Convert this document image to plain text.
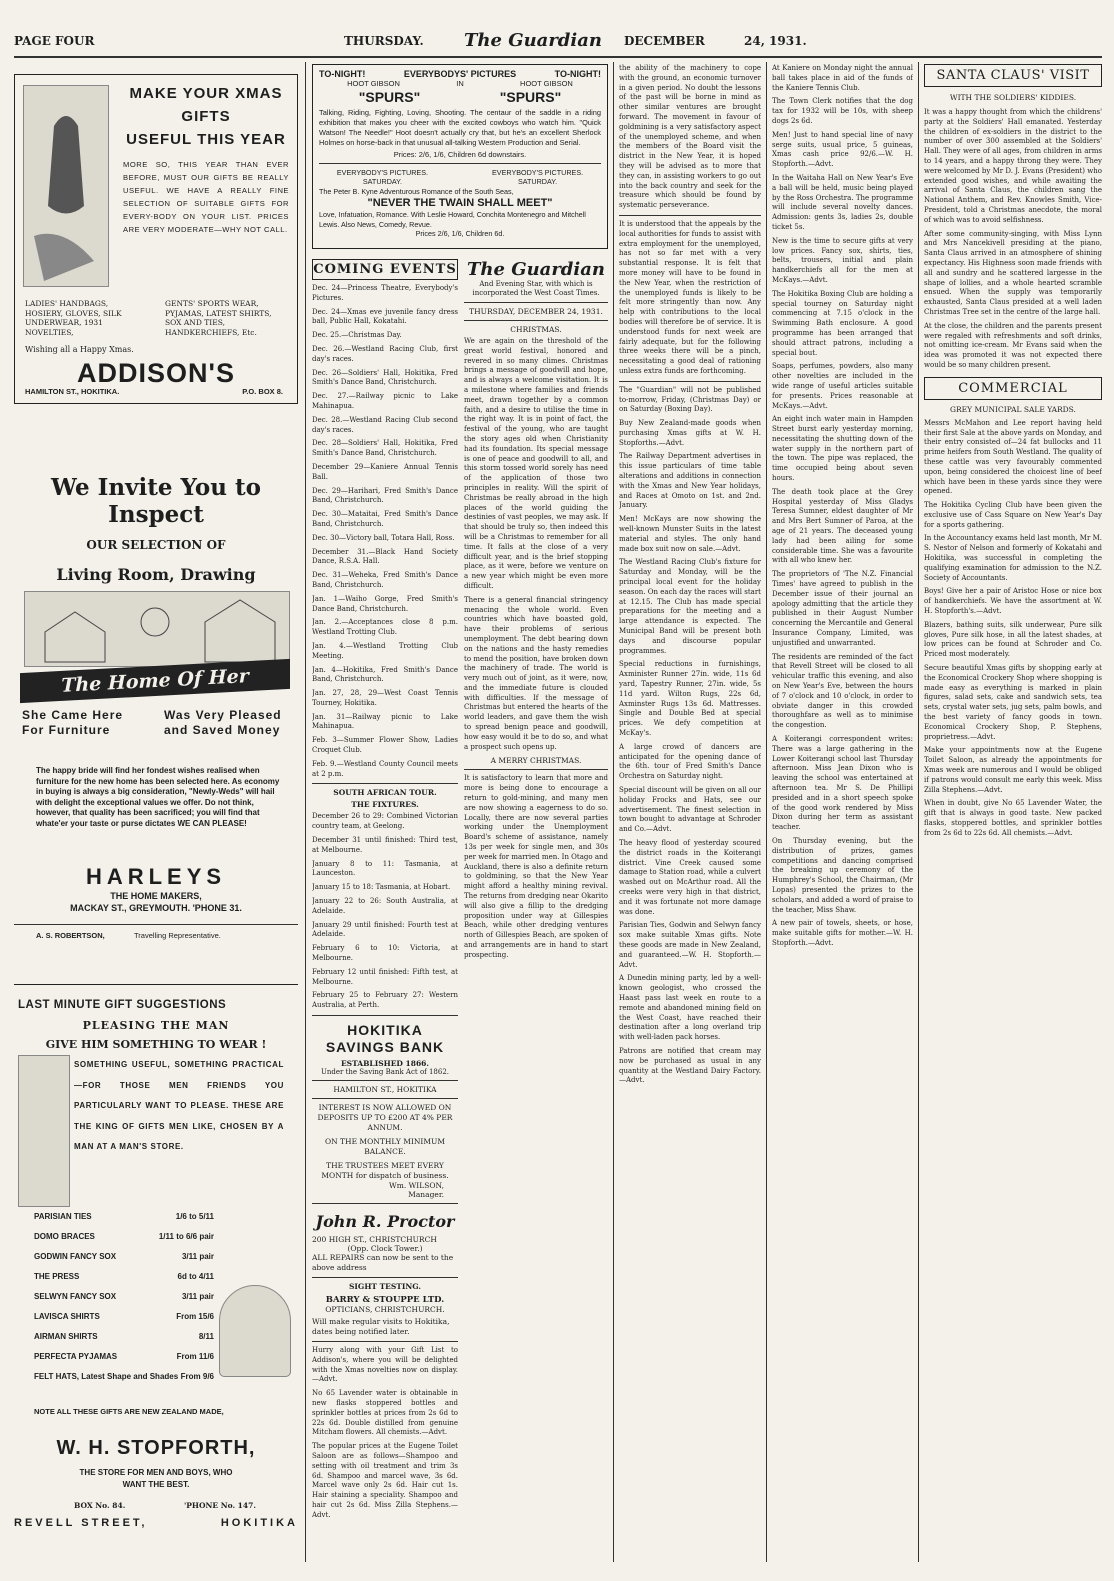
PAGE FOUR	THURSDAY. The Guardian DECEMBER	24, 1931.
MAKE YOUR XMAS
GIFTS
USEFUL THIS YEAR
MORE SO, THIS YEAR THAN EVER BEFORE, MUST OUR GIFTS BE REALLY USEFUL. WE HAVE A REALLY FINE SELECTION OF SUITABLE GIFTS FOR EVERY-BODY ON YOUR LIST. PRICES ARE VERY MODERATE—WHY NOT CALL.
LADIES' HANDBAGS, HOSIERY, GLOVES, SILK UNDERWEAR, 1931 NOVELTIES,
GENTS' SPORTS WEAR, PYJAMAS, LATEST SHIRTS, SOX AND TIES, HANDKERCHIEFS, Etc.
Wishing all a Happy Xmas.
ADDISON'S
HAMILTON ST., HOKITIKA.	P.O. BOX 8.
We Invite You to Inspect
OUR SELECTION OF
Living Room, Drawing
The Home Of Her Dreams
She Came Here For Furniture
Was Very Pleased and Saved Money
The happy bride will find her fondest wishes realised when furniture for the new home has been selected here. As economy in buying is always a big consideration, "Newly-Weds" will hail with delight the exceptional values we offer. Do not think, however, that quality has been sacrificed; you will find that whate'er your taste or purse dictates WE CAN PLEASE!
HARLEYS
THE HOME MAKERS,
MACKAY ST., GREYMOUTH. 'PHONE 31.
A. S. ROBERTSON,	Travelling Representative.
LAST MINUTE GIFT SUGGESTIONS
PLEASING THE MAN
GIVE HIM SOMETHING TO WEAR !
SOMETHING USEFUL, SOMETHING PRACTICAL—FOR THOSE MEN FRIENDS YOU PARTICULARLY WANT TO PLEASE. THESE ARE THE KING OF GIFTS MEN LIKE, CHOSEN BY A MAN AT A MAN'S STORE.
PARISIAN TIES	1/6 to 5/11
DOMO BRACES	1/11 to 6/6 pair
GODWIN FANCY SOX	3/11 pair
THE PRESS	6d to 4/11
SELWYN FANCY SOX	3/11 pair
LAVISCA SHIRTS	From 15/6
AIRMAN SHIRTS	8/11
PERFECTA PYJAMAS	From 11/6
FELT HATS, Latest Shape and Shades From 9/6
NOTE ALL THESE GIFTS ARE NEW ZEALAND MADE,
W. H. STOPFORTH,
THE STORE FOR MEN AND BOYS, WHO WANT THE BEST.
BOX No. 84.	'PHONE No. 147.
REVELL STREET,	HOKITIKA
TO-NIGHT!	EVERYBODYS' PICTURES	TO-NIGHT!
HOOT GIBSON	IN	HOOT GIBSON
"SPURS"	"SPURS"
Talking, Riding, Fighting, Loving, Shooting. The centaur of the saddle in a riding exhibition that makes you cheer with the excited cowboys who watch him. "Quick Watson! The Needle!" Hoot doesn't actually cry that, but he's an excellent Sherlock Holmes on horse-back in that unusual all-talking Western Production and Serial.
Prices: 2/6, 1/6, Children 6d downstairs.
EVERYBODY'S PICTURES. SATURDAY.
EVERYBODY'S PICTURES. SATURDAY.
The Peter B. Kyne Adventurous Romance of the South Seas,
"NEVER THE TWAIN SHALL MEET"
Love, Infatuation, Romance. With Leslie Howard, Conchita Montenegro and Mitchell Lewis. Also News, Comedy, Revue.
Prices 2/6, 1/6, Children 6d.
COMING EVENTS

Dec. 24—Princess Theatre, Everybody's Pictures.

Dec. 24—Xmas eve juvenile fancy dress ball, Public Hall, Kokatahi.

Dec. 25.—Christmas Day.

Dec. 26.—Westland Racing Club, first day's races.

Dec. 26—Soldiers' Hall, Hokitika, Fred Smith's Dance Band, Christchurch.

Dec. 27.—Railway picnic to Lake Mahinapua.

Dec. 28.—Westland Racing Club second day's races.

Dec. 28—Soldiers' Hall, Hokitika, Fred Smith's Dance Band, Christchurch.

December 29—Kaniere Annual Tennis Ball.

Dec. 29—Harihari, Fred Smith's Dance Band, Christchurch.

Dec. 30—Mataitai, Fred Smith's Dance Band, Christchurch.

Dec. 30—Victory ball, Totara Hall, Ross.

December 31.—Black Hand Society Dance, R.S.A. Hall.

Dec. 31—Weheka, Fred Smith's Dance Band, Christchurch.

Jan. 1—Waiho Gorge, Fred Smith's Dance Band, Christchurch.

Jan. 2.—Acceptances close 8 p.m. Westland Trotting Club.

Jan. 4.—Westland Trotting Club Meeting.

Jan. 4—Hokitika, Fred Smith's Dance Band, Christchurch.

Jan. 27, 28, 29—West Coast Tennis Tourney, Hokitika.

Jan. 31—Railway picnic to Lake Mahinapua.

Feb. 3—Summer Flower Show, Ladies Croquet Club.

Feb. 9.—Westland County Council meets at 2 p.m.

SOUTH AFRICAN TOUR.
THE FIXTURES.

December 26 to 29: Combined Victorian country team, at Geelong.

December 31 until finished: Third test, at Melbourne.

January 8 to 11: Tasmania, at Launceston.

January 15 to 18: Tasmania, at Hobart.

January 22 to 26: South Australia, at Adelaide.

January 29 until finished: Fourth test at Adelaide.

February 6 to 10: Victoria, at Melbourne.

February 12 until finished: Fifth test, at Melbourne.

February 25 to February 27: Western Australia, at Perth.

HOKITIKA SAVINGS BANK
ESTABLISHED 1866.
Under the Saving Bank Act of 1862.
HAMILTON ST., HOKITIKA
INTEREST IS NOW ALLOWED ON DEPOSITS UP TO £200 AT 4% PER ANNUM.
ON THE MONTHLY MINIMUM BALANCE.
THE TRUSTEES MEET EVERY MONTH for dispatch of business.
Wm. WILSON,
Manager.
John R. Proctor
200 HIGH ST., CHRISTCHURCH
(Opp. Clock Tower.)
ALL REPAIRS can now be sent to the above address
SIGHT TESTING.
BARRY & STOUPPE LTD.
OPTICIANS, CHRISTCHURCH.
Will make regular visits to Hokitika, dates being notified later.

Hurry along with your Gift List to Addison's, where you will be delighted with the Xmas novelties now on display.—Advt.

No 65 Lavender water is obtainable in new flasks stoppered bottles and sprinkler bottles at prices from 2s 6d to 22s 6d. Double distilled from genuine Mitcham flowers. All chemists.—Advt.

The popular prices at the Eugene Toilet Saloon are as follows—Shampoo and setting with oil treatment and trim 3s 6d. Shampoo and marcel wave, 3s 6d. Marcel wave only 2s 6d. Hair cut 1s. Hair staining a speciality. Shampoo and hair cut 2s 6d. Miss Zilla Stephens.—Advt.

The Guardian
And Evening Star, with which is incorporated the West Coast Times.
THURSDAY, DECEMBER 24, 1931.
CHRISTMAS.

We are again on the threshold of the great world festival, honored and revered in so many climes. Christmas brings a message of goodwill and hope, and is always a welcome visitation. It is a milestone where families and friends meet, drawn together by a common faith, and a desire to utilise the time in the right way. It is in point of fact, the festival of the young, who are taught the story ages old when Christianity had its foundation. Its special message is one of peace and goodwill to all, and this storm tossed world sorely has need of the application of those two principles in reality. Will the spirit of Christmas be really abroad in the high places of the world guiding the destinies of vast peoples, we may ask. If that should be truly so, then indeed this will be a Christmas to remember for all time. It falls at the close of a very difficult year, and is the brief stopping place, as it were, before we venture on a new year which might be even more difficult.

There is a general financial stringency menacing the whole world. Even countries which have boasted gold, have their problems of serious unemployment. The debt bearing down on the nations and the hasty remedies to mend the position, have broken down the machinery of trade. The world is very much out of joint, as it were, now, and the immediate future is clouded with difficulties. If the message of Christmas but entered the hearts of the world leaders, and gave them the wish to spread benign peace and goodwill, how easy would it be to do so, and what a prospect such opens up.

A MERRY CHRISTMAS.

It is satisfactory to learn that more and more is being done to encourage a return to gold-mining, and many men are now showing a eagerness to do so. Locally, there are now several parties working under the Unemployment Board's scheme of assistance, namely 13s per week for single men, and 30s per week for married men. In Otago and Auckland, there is also a definite return to goldmining, so that the New Year might afford a healthy mining revival. The returns from dredging near Okarito will also give a fillip to the dredging proposition under way at Gillespies Beach, while other dredging ventures north of Gillespies Beach, are spoken of and arrangements are in hand to start prospecting.

the ability of the machinery to cope with the ground, an economic turnover in a given period. No doubt the lessons of the past will be borne in mind as other similar ventures are brought forward. The movement in favour of goldmining is a very satisfactory aspect of the unemployed scheme, and when the members of the Board visit the district in the New Year, it is hoped they will be advised as to more that they can, in assisting workers to go out into the back country and seek for the treasure which should be found by systematic perseverance.

It is understood that the appeals by the local authorities for funds to assist with extra employment for the unemployed, has not so far met with a very substantial response. It is felt that more money will have to be found in the New Year, when the restriction of the unemployed funds is likely to be felt more stringently than now. Any help with contributions to the local bodies will therefore be of service. It is understood funds for next week are fairly adequate, but for the following three weeks there will be a pinch, necessitating a good deal of rationing unless extra funds are forthcoming.

The "Guardian" will not be published to-morrow, Friday, (Christmas Day) or on Saturday (Boxing Day).

Buy New Zealand-made goods when purchasing Xmas gifts at W. H. Stopforths.—Advt.

The Railway Department advertises in this issue particulars of time table alterations and additions in connection with the Xmas and New Year holidays, and Races at Omoto on 1st. and 2nd. January.

Men! McKays are now showing the well-known Munster Suits in the latest material and styles. The only hand made box suit now on sale.—Advt.

The Westland Racing Club's fixture for Saturday and Monday, will be the principal local event for the holiday season. On each day the races will start at 12.15. The Club has made special preparations for the meeting and a large attendance is expected. The Municipal Band will be present both days and discourse popular programmes.

Special reductions in furnishings, Axminister Runner 27in. wide, 11s 6d yard, Tapestry Runner, 27in. wide, 5s 11d yard. Wilton Rugs, 22s 6d, Axminster Rugs 13s 6d. Mattresses. Single and Double Bed at special prices. We defy competition at McKay's.

A large crowd of dancers are anticipated for the opening dance of the 6th. tour of Fred Smith's Dance Orchestra on Saturday night.

Special discount will be given on all our holiday Frocks and Hats, see our advertisement. The finest selection in town bought to advantage at Schroder and Co.—Advt.

The heavy flood of yesterday scoured the district roads in the Koiterangi district. Vine Creek caused some damage to Station road, while a culvert washed out on McArthur road. All the creeks were very high in that district, and it was fortunate not more damage was done.

Parisian Ties, Godwin and Selwyn fancy sox make suitable Xmas gifts. Note these goods are made in New Zealand, and guaranteed.—W. H. Stopforth.—Advt.

A Dunedin mining party, led by a well-known geologist, who crossed the Haast pass last week en route to a remote and abandoned mining field on the West Coast, have reached their destination after a long overland trip with well-laden pack horses.

Patrons are notified that cream may now be purchased as usual in any quantity at the Westland Dairy Factory.—Advt.

At Kaniere on Monday night the annual ball takes place in aid of the funds of the Kaniere Tennis Club.

The Town Clerk notifies that the dog tax for 1932 will be 10s, with sheep dogs 2s 6d.

Men! Just to hand special line of navy serge suits, usual price, 5 guineas, Xmas cash price 92/6.—W. H. Stopforth.—Advt.

In the Waitaha Hall on New Year's Eve a ball will be held, music being played by the Ross Orchestra. The programme will include several novelty dances. Admission: gents 3s, ladies 2s, double ticket 5s.

New is the time to secure gifts at very low prices. Fancy sox, shirts, ties, belts, trousers, initial and plain handkerchiefs all for the men at McKays.—Advt.

The Hokitika Boxing Club are holding a special tourney on Saturday night commencing at 7.15 o'clock in the Swimming Bath enclosure. A good programme has been arranged that should attract patrons, including a special bout.

Soaps, perfumes, powders, also many other novelties are included in the wide range of useful articles suitable for presents. Prices reasonable at McKays.—Advt.

An eight inch water main in Hampden Street burst early yesterday morning, necessitating the shutting down of the water supply in the northern part of the town. The pipe was replaced, the time occupied being about seven hours.

The death took place at the Grey Hospital yesterday of Miss Gladys Teresa Sumner, eldest daughter of Mr and Mrs Bert Sumner of Paroa, at the age of 21 years. The deceased young lady had been ailing for some considerable time. She was a favourite with all who knew her.

The proprietors of 'The N.Z. Financial Times' have agreed to publish in the December issue of their journal an apology admitting that the article they published in their August Number concerning the Mercantile and General Insurance Company, Limited, was unjustified and unwarranted.

The residents are reminded of the fact that Revell Street will be closed to all vehicular traffic this evening, and also on New Year's Eve, between the hours of 7 o'clock and 10 o'clock, in order to obviate danger in this crowded thoroughfare as well as to minimise the congestion.

A Koiterangi correspondent writes: There was a large gathering in the Lower Koiterangi school last Thursday afternoon. Miss Jean Dixon who is leaving the school was entertained at afternoon tea. Mr S. De Phillipi presided and in a short speech spoke of the good work rendered by Miss Dixon during her term as assistant teacher.

On Thursday evening, but the distribution of prizes, games competitions and dancing comprised the breaking up ceremony of the Humphrey's School, the Chairman, (Mr Lopas) presented the prizes to the scholars, and added a word of praise to the teacher, Miss Shaw.

A new pair of towels, sheets, or hose, make suitable gifts for mother.—W. H. Stopforth.—Advt.

SANTA CLAUS' VISIT
WITH THE SOLDIERS' KIDDIES.

It was a happy thought from which the childrens' party at the Soldiers' Hall emanated. Yesterday the children of ex-soldiers in the district to the number of over 300 assembled at the Soldiers' Hall. They were of all ages, from children in arms to 14 years, and a happy throng they were. They were welcomed by Mr D. J. Evans (President) who extended good wishes, and while awaiting the arrival of Santa Claus, the children sang the National Anthem, and Rev. Knowles Smith, Vice-President, told a Christmas anecdote, the moral of which was to avoid selfishness.

After some community-singing, with Miss Lynn and Mrs Nancekivell presiding at the piano, Santa Claus arrived in an atmosphere of shining expectancy. His Highness soon made friends with all and sundry and he scattered largesse in the shape of lollies, and a whole hearted scramble ensued. When the supply was temporarily exhausted, Santa Claus presided at a well laden Christmas Tree set in the centre of the large hall.

At the close, the children and the parents present were regaled with refreshments and soft drinks, not omitting ice-cream. Mr Evans said when the idea was promoted it was not expected there would be so many children present.

COMMERCIAL
GREY MUNICIPAL SALE YARDS.

Messrs McMahon and Lee report having held their first Sale at the above yards on Monday, and their entry consisted of—24 fat bullocks and 11 prime heifers from South Westland. The quality of these cattle was very favourably commented upon, being considered the choicest line of beef which have been in these yards since they were opened.

The Hokitika Cycling Club have been given the exclusive use of Cass Square on New Year's Day for a sports gathering.

In the Accountancy exams held last month, Mr M. S. Nestor of Nelson and formerly of Kokatahi and Hokitika, was successful in completing the qualifying examination for admission to the N.Z. Society of Accountants.

Boys! Give her a pair of Aristoc Hose or nice box of handkerchiefs. We have the assortment at W. H. Stopforth's.—Advt.

Blazers, bathing suits, silk underwear, Pure silk gloves, Pure silk hose, in all the latest shades, at low prices can be found at Schroder and Co. Priced most moderately.

Secure beautiful Xmas gifts by shopping early at the Economical Crockery Shop where shopping is made easy as everything is marked in plain figures, salad sets, cake and sandwich sets, tea sets, crystal water sets, jug sets, palm bowls, and the best variety of fancy goods in town. Economical Crockery Shop, P. Stephens, proprietress.—Advt.

Make your appointments now at the Eugene Toilet Saloon, as already the appointments for Xmas week are numerous and I would be obliged if patrons would consult me early this week. Miss Zilla Stephens.—Advt.

When in doubt, give No 65 Lavender Water, the gift that is always in good taste. New packed flasks, stoppered bottles, and sprinkler bottles from 2s 6d to 22s 6d. All chemists.—Advt.
